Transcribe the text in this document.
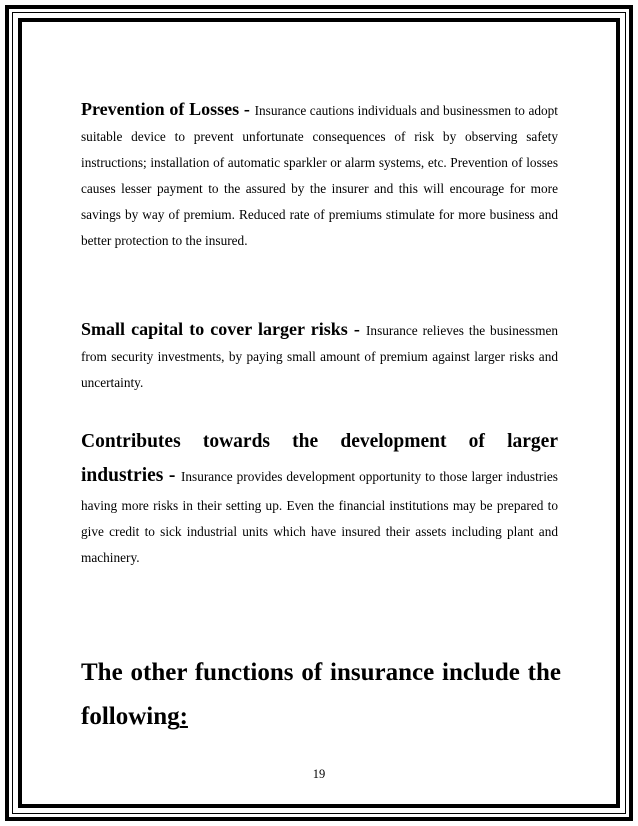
Prevention of Losses - Insurance cautions individuals and businessmen to adopt suitable device to prevent unfortunate consequences of risk by observing safety instructions; installation of automatic sparkler or alarm systems, etc. Prevention of losses causes lesser payment to the assured by the insurer and this will encourage for more savings by way of premium. Reduced rate of premiums stimulate for more business and better protection to the insured.

Small capital to cover larger risks - Insurance relieves the businessmen from security investments, by paying small amount of premium against larger risks and uncertainty.

Contributes towards the development of larger industries - Insurance provides development opportunity to those larger industries having more risks in their setting up. Even the financial institutions may be prepared to give credit to sick industrial units which have insured their assets including plant and machinery.

The other functions of insurance include the following:

19
